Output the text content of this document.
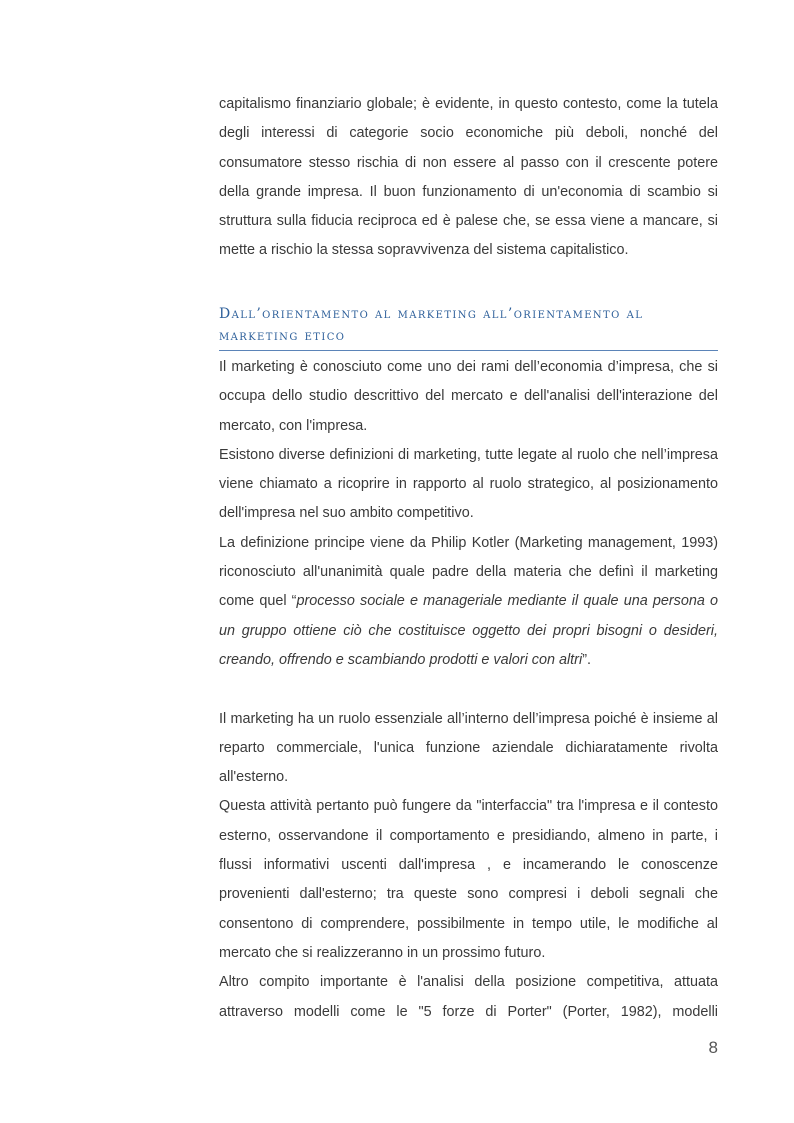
capitalismo finanziario globale; è evidente, in questo contesto, come la tutela degli interessi di categorie socio economiche più deboli, nonché del consumatore stesso rischia di non essere al passo con il crescente potere della grande impresa. Il buon funzionamento di un'economia di scambio si struttura sulla fiducia reciproca ed è palese che, se essa viene a mancare, si mette a rischio la stessa sopravvivenza del sistema capitalistico.

Dall’orientamento al marketing all’orientamento al
marketing etico

Il marketing è conosciuto come uno dei rami dell’economia d’impresa, che si occupa dello studio descrittivo del mercato e dell'analisi dell'interazione del mercato, con l'impresa.

Esistono diverse definizioni di marketing, tutte legate al ruolo che nell’impresa viene chiamato a ricoprire in rapporto al ruolo strategico, al posizionamento dell'impresa nel suo ambito competitivo.

La definizione principe viene da Philip Kotler (Marketing management, 1993) riconosciuto all'unanimità quale padre della materia che definì il marketing come quel “processo sociale e manageriale mediante il quale una persona o un gruppo ottiene ciò che costituisce oggetto dei propri bisogni o desideri, creando, offrendo e scambiando prodotti e valori con altri”.

Il marketing ha un ruolo essenziale all’interno dell’impresa poiché è insieme al reparto commerciale, l'unica funzione aziendale dichiaratamente rivolta all'esterno.

Questa attività pertanto può fungere da "interfaccia" tra l'impresa e il contesto esterno, osservandone il comportamento e presidiando, almeno in parte, i flussi informativi uscenti dall'impresa , e incamerando le conoscenze provenienti dall'esterno; tra queste sono compresi i deboli segnali che consentono di comprendere, possibilmente in tempo utile, le modifiche al mercato che si realizzeranno in un prossimo futuro.

Altro compito importante è l'analisi della posizione competitiva, attuata attraverso modelli come le "5 forze di Porter" (Porter, 1982), modelli

8
